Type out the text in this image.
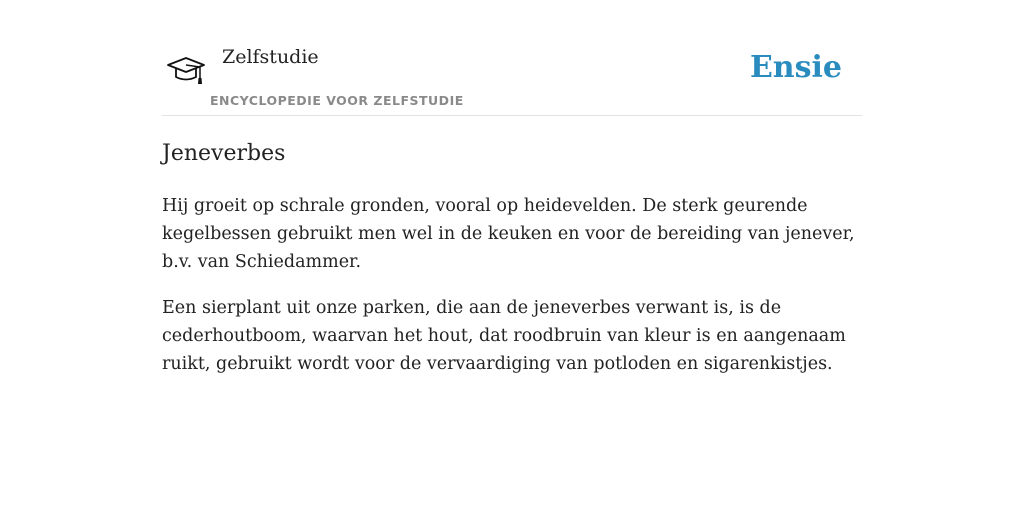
Zelfstudie
ENCYCLOPEDIE VOOR ZELFSTUDIE
Ensie
Jeneverbes

Hij groeit op schrale gronden, vooral op heidevelden. De sterk geurende kegelbessen gebruikt men wel in de keuken en voor de bereiding van jenever, b.v. van Schiedammer.

Een sierplant uit onze parken, die aan de jeneverbes verwant is, is de cederhoutboom, waarvan het hout, dat roodbruin van kleur is en aangenaam ruikt, gebruikt wordt voor de vervaardiging van potloden en sigarenkistjes.
